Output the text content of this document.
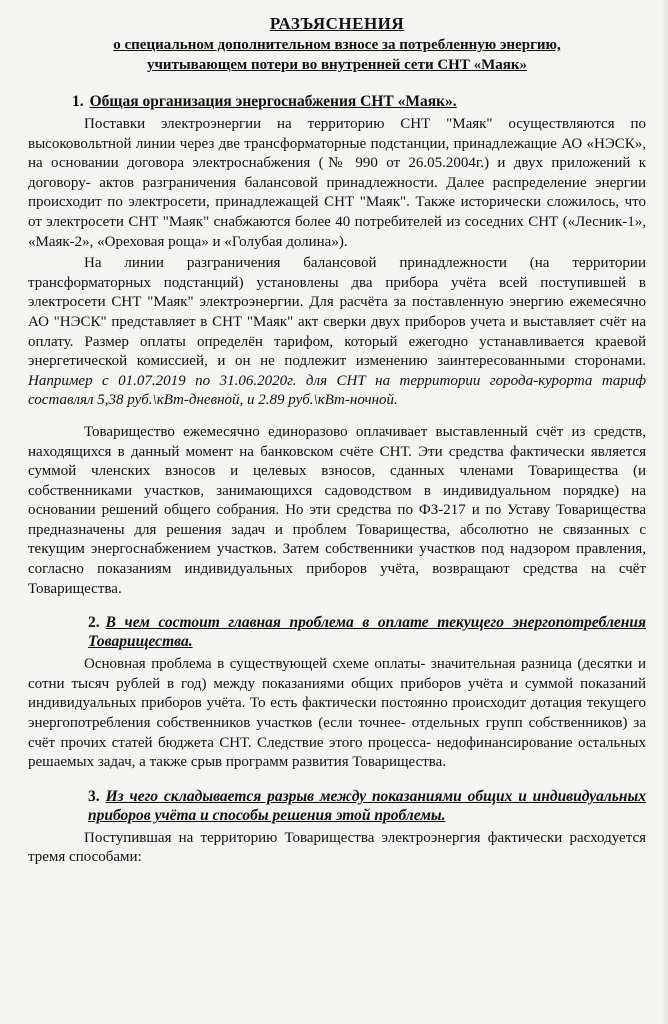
РАЗЪЯСНЕНИЯ

о специальном дополнительном взносе за потребленную энергию,

учитывающем потери во внутренней сети СНТ «Маяк»

1. Общая организация энергоснабжения СНТ «Маяк».

Поставки электроэнергии на территорию СНТ "Маяк" осуществляются по высоковольтной линии через две трансформаторные подстанции, принадлежащие АО «НЭСК», на основании договора электроснабжения (№ 990 от 26.05.2004г.) и двух приложений к договору- актов разграничения балансовой принадлежности. Далее распределение энергии происходит по электросети, принадлежащей СНТ "Маяк". Также исторически сложилось, что от электросети СНТ "Маяк" снабжаются более 40 потребителей из соседних СНТ («Лесник-1», «Маяк-2», «Ореховая роща» и «Голубая долина»).

На линии разграничения балансовой принадлежности (на территории трансформаторных подстанций) установлены два прибора учёта всей поступившей в электросети СНТ "Маяк" электроэнергии. Для расчёта за поставленную энергию ежемесячно АО "НЭСК" представляет в СНТ "Маяк" акт сверки двух приборов учета и выставляет счёт на оплату. Размер оплаты определён тарифом, который ежегодно устанавливается краевой энергетической комиссией, и он не подлежит изменению заинтересованными сторонами. Например с 01.07.2019 по 31.06.2020г. для СНТ на территории города-курорта тариф составлял 5,38 руб.\кВт-дневной, и 2.89 руб.\кВт-ночной.

Товарищество ежемесячно единоразово оплачивает выставленный счёт из средств, находящихся в данный момент на банковском счёте СНТ. Эти средства фактически является суммой членских взносов и целевых взносов, сданных членами Товарищества (и собственниками участков, занимающихся садоводством в индивидуальном порядке) на основании решений общего собрания. Но эти средства по ФЗ-217 и по Уставу Товарищества предназначены для решения задач и проблем Товарищества, абсолютно не связанных с текущим энергоснабжением участков. Затем собственники участков под надзором правления, согласно показаниям индивидуальных приборов учёта, возвращают средства на счёт Товарищества.

2. В чем состоит главная проблема в оплате текущего энергопотребления Товарищества.

Основная проблема в существующей схеме оплаты- значительная разница (десятки и сотни тысяч рублей в год) между показаниями общих приборов учёта и суммой показаний индивидуальных приборов учёта. То есть фактически постоянно происходит дотация текущего энергопотребления собственников участков (если точнее- отдельных групп собственников) за счёт прочих статей бюджета СНТ. Следствие этого процесса- недофинансирование остальных решаемых задач, а также срыв программ развития Товарищества.

3. Из чего складывается разрыв между показаниями общих и индивидуальных приборов учёта и способы решения этой проблемы.

Поступившая на территорию Товарищества электроэнергия фактически расходуется тремя способами:
